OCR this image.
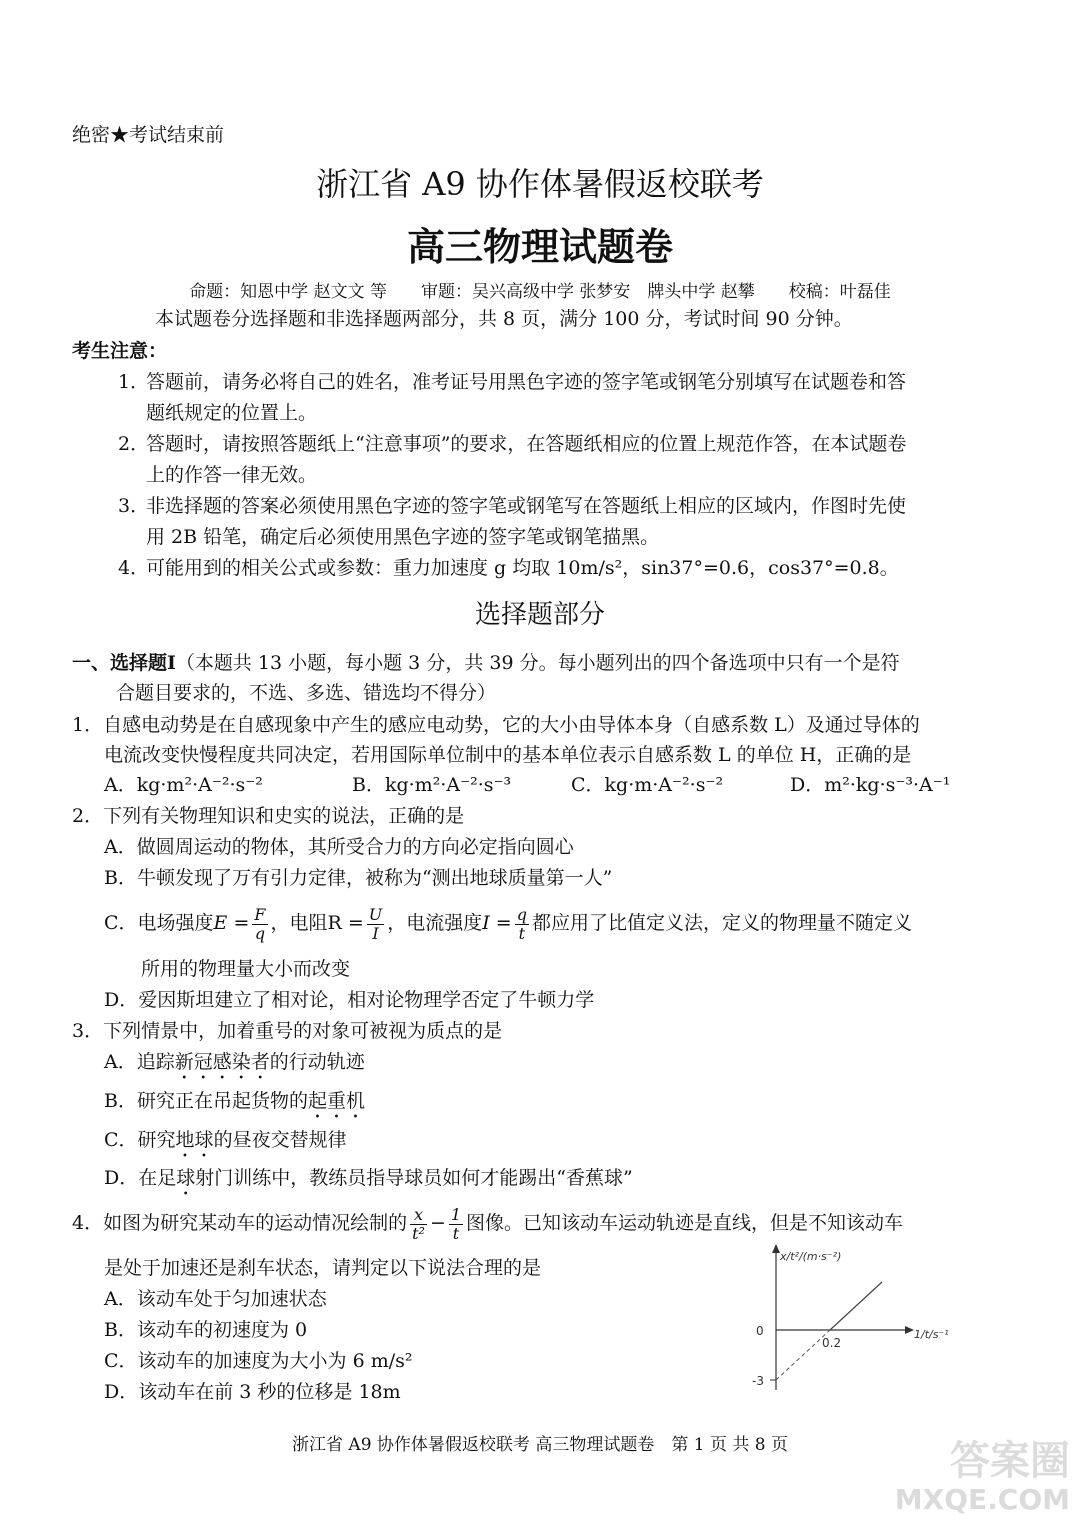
绝密★考试结束前
浙江省 A9 协作体暑假返校联考
高三物理试题卷
命题：知恩中学 赵文文 等　　审题：吴兴高级中学 张梦安　牌头中学 赵攀　　校稿：叶磊佳
本试题卷分选择题和非选择题两部分，共 8 页，满分 100 分，考试时间 90 分钟。
考生注意：
1．
答题前，请务必将自己的姓名，准考证号用黑色字迹的签字笔或钢笔分别填写在试题卷和答
题纸规定的位置上。
2．
答题时，请按照答题纸上“注意事项”的要求，在答题纸相应的位置上规范作答，在本试题卷
上的作答一律无效。
3．
非选择题的答案必须使用黑色字迹的签字笔或钢笔写在答题纸上相应的区域内，作图时先使
用 2B 铅笔，确定后必须使用黑色字迹的签字笔或钢笔描黑。
4．
可能用到的相关公式或参数：重力加速度 g 均取 10m/s²，sin37°=0.6，cos37°=0.8。
选择题部分
一、选择题Ⅰ（本题共 13 小题，每小题 3 分，共 39 分。每小题列出的四个备选项中只有一个是符
合题目要求的，不选、多选、错选均不得分）
1．自感电动势是在自感现象中产生的感应电动势，它的大小由导体本身（自感系数 L）及通过导体的
电流改变快慢程度共同决定，若用国际单位制中的基本单位表示自感系数 L 的单位 H，正确的是
A．kg·m²·A⁻²·s⁻²	B．kg·m²·A⁻²·s⁻³	C．kg·m·A⁻²·s⁻²	D．m²·kg·s⁻³·A⁻¹
2．下列有关物理知识和史实的说法，正确的是
A．做圆周运动的物体，其所受合力的方向必定指向圆心
B．牛顿发现了万有引力定律，被称为“测出地球质量第一人”
C．电场强度$E = \frac{F}{q}$ ，电阻$R = \frac{U}{I}$ ，电流强度$I = \frac{q}{t}$ 都应用了比值定义法，定义的物理量不随定义
所用的物理量大小而改变
D．爱因斯坦建立了相对论，相对论物理学否定了牛顿力学
3．下列情景中，加着重号的对象可被视为质点的是
A．追踪新冠感染者的行动轨迹
B．研究正在吊起货物的起重机
C．研究地球的昼夜交替规律
D．在足球射门训练中，教练员指导球员如何才能踢出“香蕉球”
4．如图为研究某动车的运动情况绘制的 $\frac{x}{\text{t²}} - \frac{1}{t}$ 图像。已知该动车运动轨迹是直线，但是不知该动车
是处于加速还是刹车状态，请判定以下说法合理的是
A．该动车处于匀加速状态
B．该动车的初速度为 0
C．该动车的加速度为大小为 6 m/s²
D．该动车在前 3 秒的位移是 18m
x/t²/(m·s⁻²)
1/t/s⁻¹
0
0.2
-3
浙江省 A9 协作体暑假返校联考 高三物理试题卷　第 1 页 共 8 页	答案圈
MXQE.COM
